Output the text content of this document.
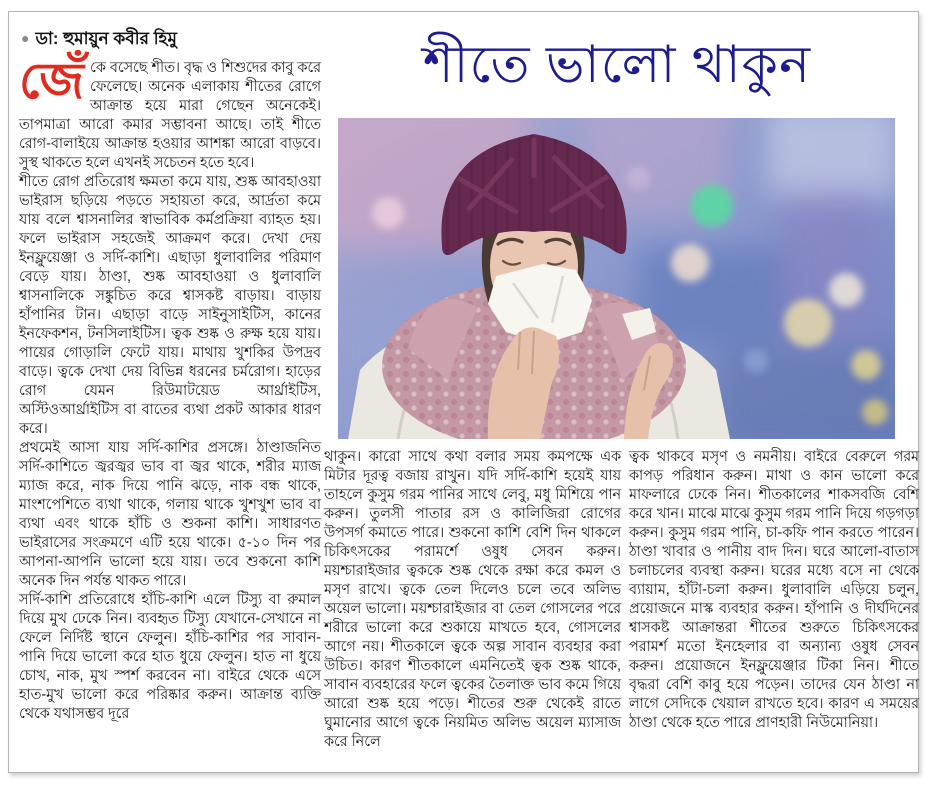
● ডা: হুমায়ুন কবীর হিমু	শীতে ভালো থাকুন

জেঁকে বসেছে শীত। বৃদ্ধ ও শিশুদের কাবু করে ফেলেছে। অনেক এলাকায় শীতের রোগে আক্রান্ত হয়ে মারা গেছেন অনেকেই। তাপমাত্রা আরো কমার সম্ভাবনা আছে। তাই শীতে রোগ-বালাইয়ে আক্রান্ত হওয়ার আশঙ্কা আরো বাড়বে। সুস্থ থাকতে হলে এখনই সচেতন হতে হবে।

শীতে রোগ প্রতিরোধ ক্ষমতা কমে যায়, শুষ্ক আবহাওয়া ভাইরাস ছড়িয়ে পড়তে সহায়তা করে, আর্দ্রতা কমে যায় বলে শ্বাসনালির স্বাভাবিক কর্মপ্রক্রিয়া ব্যাহত হয়। ফলে ভাইরাস সহজেই আক্রমণ করে। দেখা দেয় ইনফ্লুয়েঞ্জা ও সর্দি-কাশি। এছাড়া ধুলাবালির পরিমাণ বেড়ে যায়। ঠাণ্ডা, শুষ্ক আবহাওয়া ও ধুলাবালি শ্বাসনালিকে সঙ্কুচিত করে শ্বাসকষ্ট বাড়ায়। বাড়ায় হাঁপানির টান। এছাড়া বাড়ে সাইনুসাইটিস, কানের ইনফেকশন, টনসিলাইটিস। ত্বক শুষ্ক ও রুক্ষ হয়ে যায়। পায়ের গোড়ালি ফেটে যায়। মাথায় খুশকির উপদ্রব বাড়ে। ত্বকে দেখা দেয় বিভিন্ন ধরনের চর্মরোগ। হাড়ের রোগ যেমন রিউমাটয়েড আর্থ্রাইটিস, অস্টিওআর্থ্রাইটিস বা বাতের ব্যথা প্রকট আকার ধারণ করে।

প্রথমেই আসা যায় সর্দি-কাশির প্রসঙ্গে। ঠাণ্ডাজনিত সর্দি-কাশিতে জ্বরজ্বর ভাব বা জ্বর থাকে, শরীর ম্যাজ ম্যাজ করে, নাক দিয়ে পানি ঝড়ে, নাক বন্ধ থাকে, মাংশপেশিতে ব্যথা থাকে, গলায় থাকে খুশখুশ ভাব বা ব্যথা এবং থাকে হাঁচি ও শুকনা কাশি। সাধারণত ভাইরাসের সংক্রমণে এটি হয়ে থাকে। ৫-১০ দিন পর আপনা-আপনি ভালো হয়ে যায়। তবে শুকনো কাশি অনেক দিন পর্যন্ত থাকত পারে।

সর্দি-কাশি প্রতিরোধে হাঁচি-কাশি এলে টিস্যু বা রুমাল দিয়ে মুখ ঢেকে নিন। ব্যবহৃত টিস্যু যেখানে-সেখানে না ফেলে নির্দিষ্ট স্থানে ফেলুন। হাঁচি-কাশির পর সাবান-পানি দিয়ে ভালো করে হাত ধুয়ে ফেলুন। হাত না ধুয়ে চোখ, নাক, মুখ স্পর্শ করবেন না। বাইরে থেকে এসে হাত-মুখ ভালো করে পরিষ্কার করুন। আক্রান্ত ব্যক্তি থেকে যথাসম্ভব দূরে

থাকুন। কারো সাথে কথা বলার সময় কমপক্ষে এক মিটার দূরত্ব বজায় রাখুন। যদি সর্দি-কাশি হয়েই যায় তাহলে কুসুম গরম পানির সাথে লেবু, মধু মিশিয়ে পান করুন। তুলসী পাতার রস ও কালিজিরা রোগের উপসর্গ কমাতে পারে। শুকনো কাশি বেশি দিন থাকলে চিকিৎসকের পরামর্শে ওষুধ সেবন করুন। ময়শ্চারাইজার ত্বককে শুষ্ক থেকে রক্ষা করে কমল ও মসৃণ রাখে। ত্বকে তেল দিলেও চলে তবে অলিভ অয়েল ভালো। ময়শ্চারাইজার বা তেল গোসলের পরে শরীরে ভালো করে শুকায়ে মাখতে হবে, গোসলের আগে নয়। শীতকালে ত্বকে অল্প সাবান ব্যবহার করা উচিত। কারণ শীতকালে এমনিতেই ত্বক শুষ্ক থাকে, সাবান ব্যবহারের ফলে ত্বকের তৈলাক্ত ভাব কমে গিয়ে আরো শুষ্ক হয়ে পড়ে। শীতের শুরু থেকেই রাতে ঘুমানোর আগে ত্বকে নিয়মিত অলিভ অয়েল ম্যাসাজ করে নিলে

ত্বক থাকবে মসৃণ ও নমনীয়। বাইরে বেরুলে গরম কাপড় পরিধান করুন। মাথা ও কান ভালো করে মাফলারে ঢেকে নিন। শীতকালের শাকসবজি বেশি করে খান। মাঝে মাঝে কুসুম গরম পানি দিয়ে গড়গড়া করুন। কুসুম গরম পানি, চা-কফি পান করতে পারেন। ঠাণ্ডা খাবার ও পানীয় বাদ দিন। ঘরে আলো-বাতাস চলাচলের ব্যবস্থা করুন। ঘরের মধ্যে বসে না থেকে ব্যায়াম, হাঁটা-চলা করুন। ধুলাবালি এড়িয়ে চলুন, প্রয়োজনে মাস্ক ব্যবহার করুন। হাঁপানি ও দীর্ঘদিনের শ্বাসকষ্ট আক্রান্তরা শীতের শুরুতে চিকিৎসকের পরামর্শ মতো ইনহেলার বা অন্যান্য ওষুধ সেবন করুন। প্রয়োজনে ইনফ্লুয়েঞ্জার টিকা নিন। শীতে বৃদ্ধরা বেশি কাবু হয়ে পড়েন। তাদের যেন ঠাণ্ডা না লাগে সেদিকে খেয়াল রাখতে হবে। কারণ এ সময়ের ঠাণ্ডা থেকে হতে পারে প্রাণহারী নিউমোনিয়া।
